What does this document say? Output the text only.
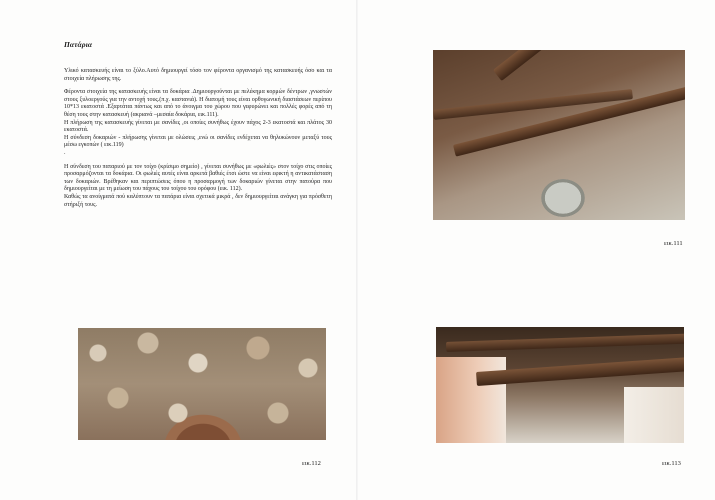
Πατάρια

Υλικό κατασκευής είναι το ξύλο.Αυτό δημιουργεί τόσο τον φέροντα οργανισμό της κατασκευής όσο και τα στοιχεία πλήρωσης της.

Φέροντα στοιχεία της κατασκευής είναι τα δοκάρια .Δημιουργούνται με πελέκημα κορμών δέντρων ,γνωστών στους ξυλοεργούς για την αντοχή τους.(π.χ. καστανιά). Η διατομή τους είναι ορθογωνική διαστάσεων περίπου 10*13 εκατοστά .Εξαρτάται πάντως και από το άνοιγμα του χώρου που γεφυρώνει και πολλές φορές από τη θέση τους στην κατασκευή (ακριανά –μεσαία δοκάρια, εικ.111).

Η πλήρωση της κατασκευής γίνεται με σανίδες ,οι οποίες συνήθως έχουν πάχος 2-3 εκατοστά και πλάτος 30 εκατοστά.

Η σύνδεση δοκαριών - πλήρωσης γίνεται με ολώσεις ,ενώ οι σανίδες ενδέχεται να θηλυκώνουν μεταξύ τους μέσω εγκοπών ( εικ.119)

.

Η σύνδεση του παταριού με τον τοίχο (κρίσιμο σημείο) , γίνεται συνήθως με «φωλιές» στον τοίχο στις οποίες προσαρμόζονται τα δοκάρια. Οι φωλιές αυτές είναι αρκετά βαθιές έτσι ώστε να είναι εφικτή η αντικατάσταση των δοκαριών. Βρέθηκαν και περιπτώσεις όπου η προσαρμογή των δοκαριών γίνεται στην πατούρα που δημιουργείται με τη μείωση του πάχους του τοίχου του ορόφου (εικ. 112).

Καθώς τα ανοίγματά πού καλύπτουν τα πατάρια είναι σχετικά μικρά , δεν δημιουργείται ανάγκη για πρόσθετη στήριξή τους.

εικ.111
εικ.112	εικ.113
